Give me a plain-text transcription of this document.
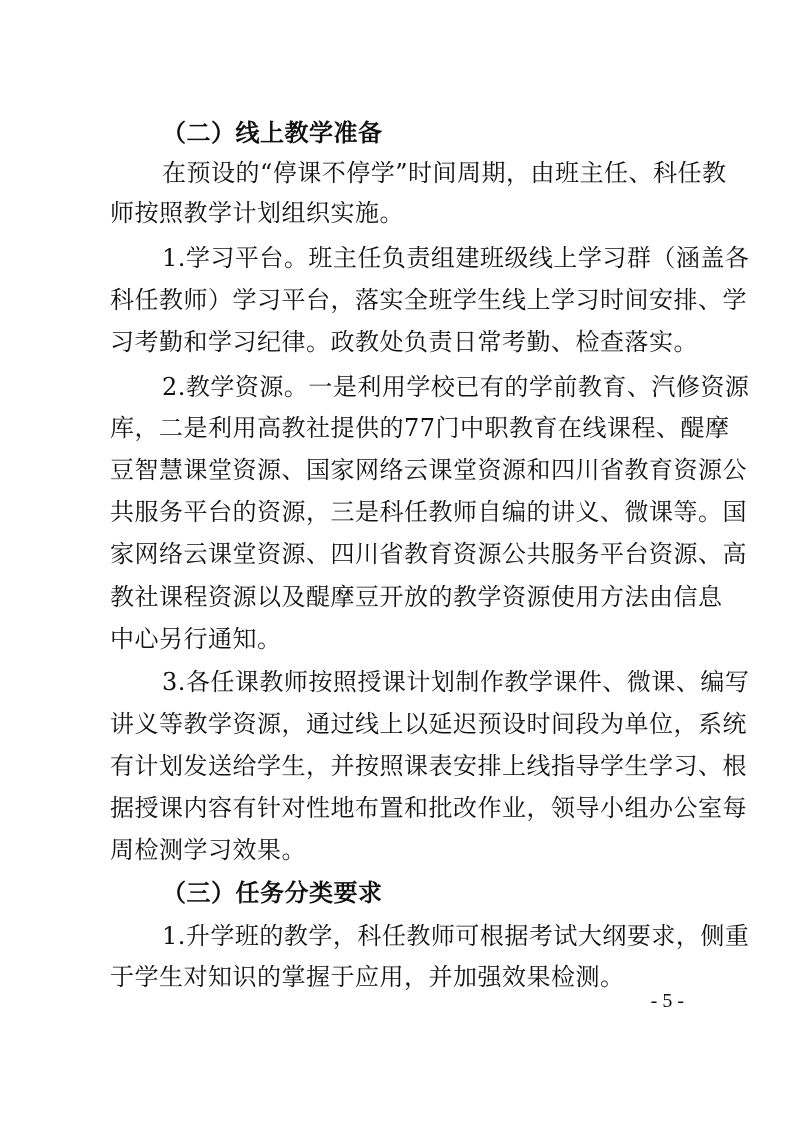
（二）线上教学准备
在预设的“停课不停学”时间周期，由班主任、科任教
师按照教学计划组织实施。
1.学习平台。班主任负责组建班级线上学习群（涵盖各
科任教师）学习平台，落实全班学生线上学习时间安排、学
习考勤和学习纪律。政教处负责日常考勤、检查落实。
2.教学资源。一是利用学校已有的学前教育、汽修资源
库，二是利用高教社提供的77门中职教育在线课程、醍摩
豆智慧课堂资源、国家网络云课堂资源和四川省教育资源公
共服务平台的资源，三是科任教师自编的讲义、微课等。国
家网络云课堂资源、四川省教育资源公共服务平台资源、高
教社课程资源以及醍摩豆开放的教学资源使用方法由信息
中心另行通知。
3.各任课教师按照授课计划制作教学课件、微课、编写
讲义等教学资源，通过线上以延迟预设时间段为单位，系统
有计划发送给学生，并按照课表安排上线指导学生学习、根
据授课内容有针对性地布置和批改作业，领导小组办公室每
周检测学习效果。
（三）任务分类要求
1.升学班的教学，科任教师可根据考试大纲要求，侧重
于学生对知识的掌握于应用，并加强效果检测。
- 5 -
